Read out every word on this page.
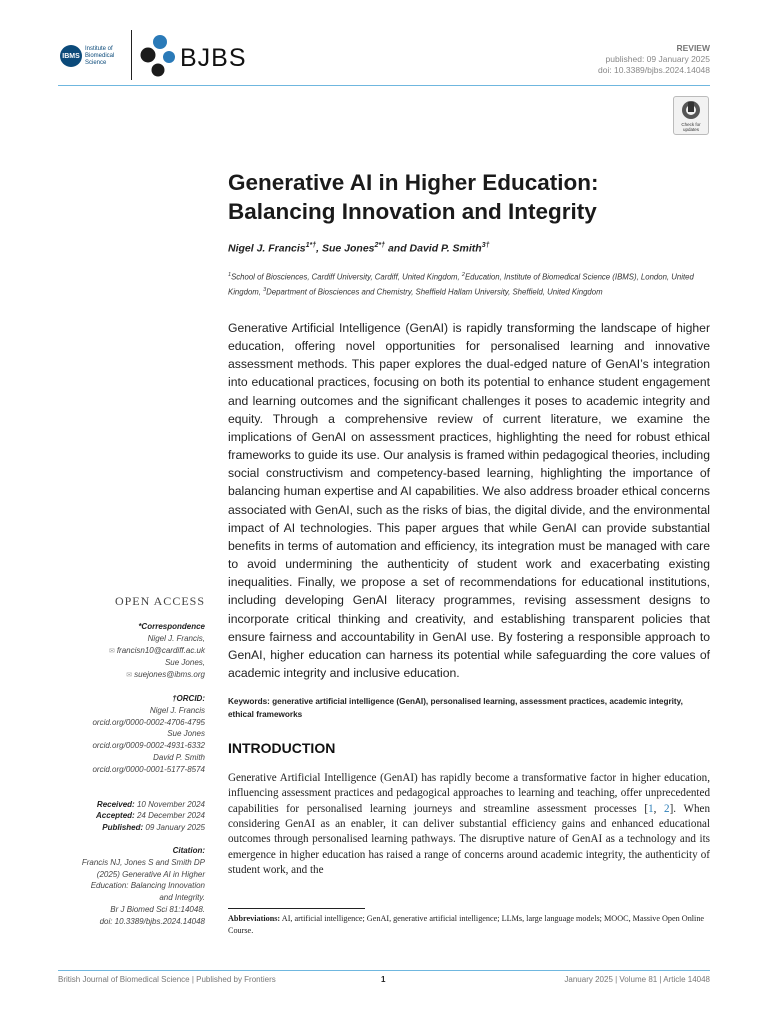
IBMS
Institute of
Biomedical Science	BJBS	REVIEW
published: 09 January 2025
doi: 10.3389/bjbs.2024.14048
Check for
updates
Generative AI in Higher Education:
Balancing Innovation and Integrity
Nigel J. Francis$^{1*\dagger}$, Sue Jones$^{2*\dagger}$ and David P. Smith$^{3\dagger}$
$^1$School of Biosciences, Cardiff University, Cardiff, United Kingdom, $^2$Education, Institute of Biomedical Science (IBMS), London, United Kingdom, $^3$Department of Biosciences and Chemistry, Sheffield Hallam University, Sheffield, United Kingdom
Generative Artificial Intelligence (GenAI) is rapidly transforming the landscape of higher education, offering novel opportunities for personalised learning and innovative assessment methods. This paper explores the dual-edged nature of GenAI’s integration into educational practices, focusing on both its potential to enhance student engagement and learning outcomes and the significant challenges it poses to academic integrity and equity. Through a comprehensive review of current literature, we examine the implications of GenAI on assessment practices, highlighting the need for robust ethical frameworks to guide its use. Our analysis is framed within pedagogical theories, including social constructivism and competency-based learning, highlighting the importance of balancing human expertise and AI capabilities. We also address broader ethical concerns associated with GenAI, such as the risks of bias, the digital divide, and the environmental impact of AI technologies. This paper argues that while GenAI can provide substantial benefits in terms of automation and efficiency, its integration must be managed with care to avoid undermining the authenticity of student work and exacerbating existing inequalities. Finally, we propose a set of recommendations for educational institutions, including developing GenAI literacy programmes, revising assessment designs to incorporate critical thinking and creativity, and establishing transparent policies that ensure fairness and accountability in GenAI use. By fostering a responsible approach to GenAI, higher education can harness its potential while safeguarding the core values of academic integrity and inclusive education.
Keywords: generative artificial intelligence (GenAI), personalised learning, assessment practices, academic integrity, ethical frameworks
INTRODUCTION
Generative Artificial Intelligence (GenAI) has rapidly become a transformative factor in higher education, influencing assessment practices and pedagogical approaches to learning and teaching, offer unprecedented capabilities for personalised learning journeys and streamline assessment processes [1, 2]. When considering GenAI as an enabler, it can deliver substantial efficiency gains and enhanced educational outcomes through personalised learning pathways. The disruptive nature of GenAI as a technology and its emergence in higher education has raised a range of concerns around academic integrity, the authenticity of student work, and the
Abbreviations: AI, artificial intelligence; GenAI, generative artificial intelligence; LLMs, large language models; MOOC, Massive Open Online Course.
OPEN ACCESS
*Correspondence
Nigel J. Francis,
✉ francisn10@cardiff.ac.uk
Sue Jones,
✉ suejones@ibms.org
†ORCID:
Nigel J. Francis
orcid.org/0000-0002-4706-4795
Sue Jones
orcid.org/0009-0002-4931-6332
David P. Smith
orcid.org/0000-0001-5177-8574
Received: 10 November 2024
Accepted: 24 December 2024
Published: 09 January 2025
Citation:
Francis NJ, Jones S and Smith DP
(2025) Generative AI in Higher
Education: Balancing Innovation
and Integrity.
Br J Biomed Sci 81:14048.
doi: 10.3389/bjbs.2024.14048
British Journal of Biomedical Science | Published by Frontiers	1	January 2025 | Volume 81 | Article 14048
